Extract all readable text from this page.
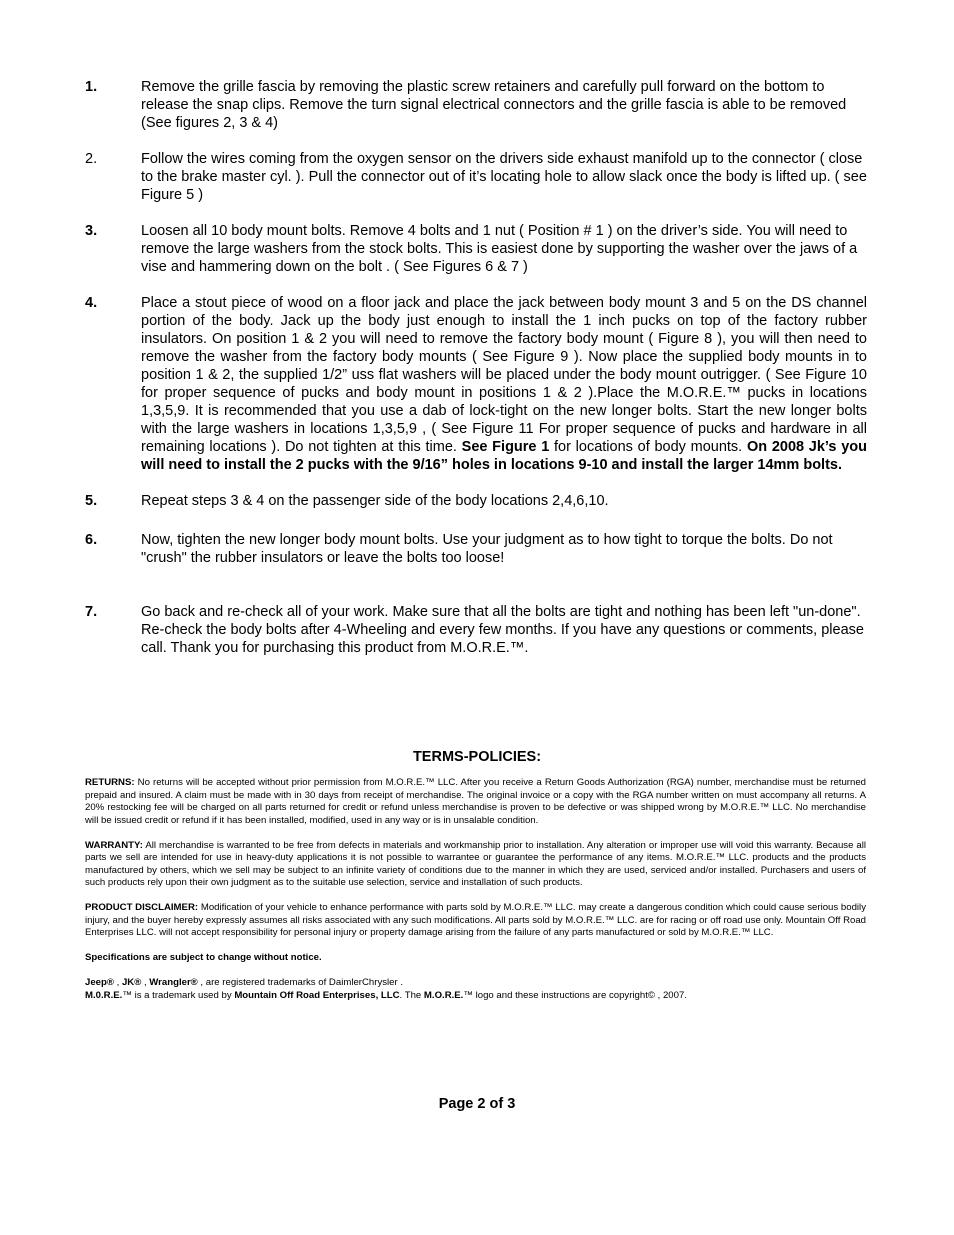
1.	Remove the grille fascia by removing the plastic screw retainers and carefully pull forward on the bottom to release the snap clips. Remove the turn signal electrical connectors and the grille fascia is able to be removed (See figures 2, 3 & 4)
2.	Follow the wires coming from the oxygen sensor on the drivers side exhaust manifold up to the connector ( close to the brake master cyl. ). Pull the connector out of it’s locating hole to allow slack once the body is lifted up. ( see Figure 5 )
3.	Loosen all 10 body mount bolts. Remove 4 bolts and 1 nut ( Position # 1 ) on the driver’s side. You will need to remove the large washers from the stock bolts. This is easiest done by supporting the washer over the jaws of a vise and hammering down on the bolt . ( See Figures 6 & 7 )
4.	Place a stout piece of wood on a floor jack and place the jack between body mount 3 and 5 on the DS channel portion of the body. Jack up the body just enough to install the 1 inch pucks on top of the factory rubber insulators. On position 1 & 2 you will need to remove the factory body mount ( Figure 8 ), you will then need to remove the washer from the factory body mounts ( See Figure 9 ). Now place the supplied body mounts in to position 1 & 2, the supplied 1/2” uss flat washers will be placed under the body mount outrigger. ( See Figure 10 for proper sequence of pucks and body mount in positions 1 & 2 ).Place the M.O.R.E.™ pucks in locations 1,3,5,9. It is recommended that you use a dab of lock-tight on the new longer bolts. Start the new longer bolts with the large washers in locations 1,3,5,9 , ( See Figure 11 For proper sequence of pucks and hardware in all remaining locations ). Do not tighten at this time. See Figure 1 for locations of body mounts. On 2008 Jk’s you will need to install the 2 pucks with the 9/16” holes in locations 9-10 and install the larger 14mm bolts.
5.	Repeat steps 3 & 4 on the passenger side of the body locations 2,4,6,10.
6.	Now, tighten the new longer body mount bolts. Use your judgment as to how tight to torque the bolts. Do not "crush" the rubber insulators or leave the bolts too loose!
7.	Go back and re-check all of your work. Make sure that all the bolts are tight and nothing has been left "un-done". Re-check the body bolts after 4-Wheeling and every few months. If you have any questions or comments, please call. Thank you for purchasing this product from M.O.R.E.™.
TERMS-POLICIES:

RETURNS: No returns will be accepted without prior permission from M.O.R.E.™ LLC. After you receive a Return Goods Authorization (RGA) number, merchandise must be returned prepaid and insured. A claim must be made with in 30 days from receipt of merchandise. The original invoice or a copy with the RGA number written on must accompany all returns. A 20% restocking fee will be charged on all parts returned for credit or refund unless merchandise is proven to be defective or was shipped wrong by M.O.R.E.™ LLC. No merchandise will be issued credit or refund if it has been installed, modified, used in any way or is in unsalable condition.

WARRANTY: All merchandise is warranted to be free from defects in materials and workmanship prior to installation. Any alteration or improper use will void this warranty. Because all parts we sell are intended for use in heavy-duty applications it is not possible to warrantee or guarantee the performance of any items. M.O.R.E.™ LLC. products and the products manufactured by others, which we sell may be subject to an infinite variety of conditions due to the manner in which they are used, serviced and/or installed. Purchasers and users of such products rely upon their own judgment as to the suitable use selection, service and installation of such products.

PRODUCT DISCLAIMER: Modification of your vehicle to enhance performance with parts sold by M.O.R.E.™ LLC. may create a dangerous condition which could cause serious bodily injury, and the buyer hereby expressly assumes all risks associated with any such modifications. All parts sold by M.O.R.E.™ LLC. are for racing or off road use only. Mountain Off Road Enterprises LLC. will not accept responsibility for personal injury or property damage arising from the failure of any parts manufactured or sold by M.O.R.E.™ LLC.

Specifications are subject to change without notice.

Jeep® , JK® , Wrangler® , are registered trademarks of DaimlerChrysler .

M.0.R.E.™ is a trademark used by Mountain Off Road Enterprises, LLC. The M.O.R.E.™ logo and these instructions are copyright© , 2007.

Page 2 of 3
